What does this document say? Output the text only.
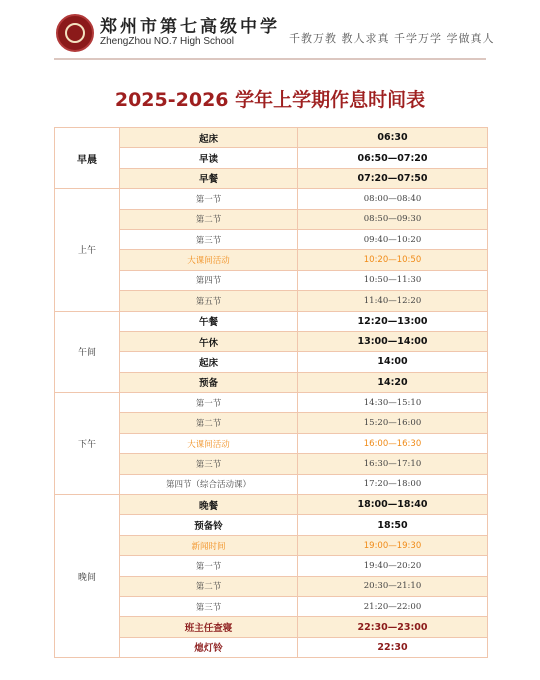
郑州市第七高级中学
ZhengZhou NO.7 High School	千教万教 教人求真 千学万学 学做真人
2025-2026 学年上学期作息时间表
早晨	起床	06:30
	早读	06:50—07:20
	早餐	07:20—07:50
上午	第一节	08:00—08:40
	第二节	08:50—09:30
	第三节	09:40—10:20
	大课间活动	10:20—10:50
	第四节	10:50—11:30
	第五节	11:40—12:20
午间	午餐	12:20—13:00
	午休	13:00—14:00
	起床	14:00
	预备	14:20
下午	第一节	14:30—15:10
	第二节	15:20—16:00
	大课间活动	16:00—16:30
	第三节	16:30—17:10
	第四节（综合活动课）	17:20—18:00
晚间	晚餐	18:00—18:40
	预备铃	18:50
	新闻时间	19:00—19:30
	第一节	19:40—20:20
	第二节	20:30—21:10
	第三节	21:20—22:00
	班主任查寝	22:30—23:00
	熄灯铃	22:30
